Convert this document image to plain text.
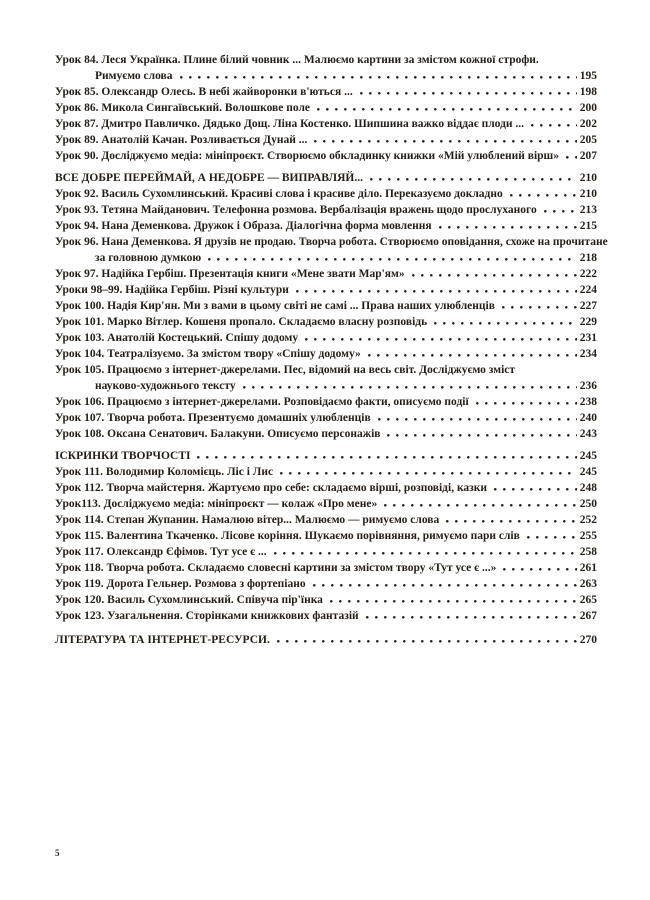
Урок 84. Леся Українка. Плине білий човник ... Малюємо картини за змістом кожної строфи.
Римуємо слова	195
Урок 85. Олександр Олесь. В небі жайворонки в'ються ...	198
Урок 86. Микола Сингаївський. Волошкове поле	200
Урок 87. Дмитро Павличко. Дядько Дощ. Ліна Костенко. Шипшина важко віддає плоди ...	202
Урок 89. Анатолій Качан. Розливається Дунай ...	205
Урок 90. Досліджуємо медіа: мініпроєкт. Створюємо обкладинку книжки «Мій улюблений вірш» 207
ВСЕ ДОБРЕ ПЕРЕЙМАЙ, А НЕДОБРЕ — ВИПРАВЛЯЙ...	210
Урок 92. Василь Сухомлинський. Красиві слова і красиве діло. Переказуємо докладно	210
Урок 93. Тетяна Майданович. Телефонна розмова. Вербалізація вражень щодо прослуханого	213
Урок 94. Нана Деменкова. Дружок і Образа. Діалогічна форма мовлення	215
Урок 96. Нана Деменкова. Я друзів не продаю. Творча робота. Створюємо оповідання, схоже на прочитане
за головною думкою	218
Урок 97. Надійка Гербіш. Презентація книги «Мене звати Мар'ям»	222
Уроки 98–99. Надійка Гербіш. Різні культури	224
Урок 100. Надія Кир'ян. Ми з вами в цьому світі не самі ... Права наших улюбленців	227
Урок 101. Марко Вітлер. Кошеня пропало. Складаємо власну розповідь	229
Урок 103. Анатолій Костецький. Спішу додому	231
Урок 104. Театралізуємо. За змістом твору «Спішу додому»	234
Урок 105. Працюємо з інтернет-джерелами. Пес, відомий на весь світ. Досліджуємо зміст
науково-художнього тексту	236
Урок 106. Працюємо з інтернет-джерелами. Розповідаємо факти, описуємо події	238
Урок 107. Творча робота. Презентуємо домашніх улюбленців	240
Урок 108. Оксана Сенатович. Балакуни. Описуємо персонажів	243
ІСКРИНКИ ТВОРЧОСТІ	245
Урок 111. Володимир Коломієць. Ліс і Лис	245
Урок 112. Творча майстерня. Жартуємо про себе: складаємо вірші, розповіді, казки	248
Урок113. Досліджуємо медіа: мініпроєкт — колаж «Про мене»	250
Урок 114. Степан Жупанин. Намалюю вітер... Малюємо — римуємо слова	252
Урок 115. Валентина Ткаченко. Лісове коріння. Шукаємо порівняння, римуємо пари слів	255
Урок 117. Олександр Єфімов. Тут усе є ...	258
Урок 118. Творча робота. Складаємо словесні картини за змістом твору «Тут усе є ...»	261
Урок 119. Дорота Гельнер. Розмова з фортепіано	263
Урок 120. Василь Сухомлинський. Співуча пір'їнка	265
Урок 123. Узагальнення. Сторінками книжкових фантазій	267
ЛІТЕРАТУРА ТА ІНТЕРНЕТ-РЕСУРСИ.	270
5
